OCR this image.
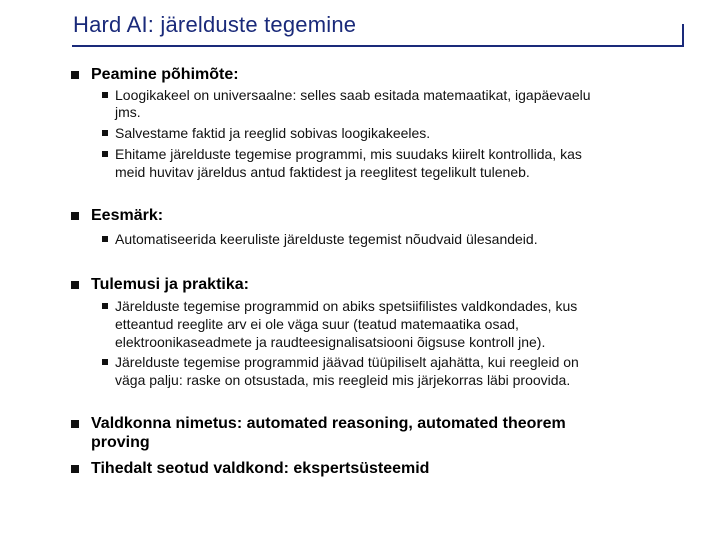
Hard AI: järelduste tegemine
Peamine põhimõte:
Loogikakeel on universaalne: selles saab esitada matemaatikat, igapäevaelu
jms.
Salvestame faktid ja reeglid sobivas loogikakeeles.
Ehitame järelduste tegemise programmi, mis suudaks kiirelt kontrollida, kas
meid huvitav järeldus antud faktidest ja reeglitest tegelikult tuleneb.
Eesmärk:
Automatiseerida keeruliste järelduste tegemist nõudvaid ülesandeid.
Tulemusi ja praktika:
Järelduste tegemise programmid on abiks spetsiifilistes valdkondades, kus
etteantud reeglite arv ei ole väga suur (teatud matemaatika osad,
elektroonikaseadmete ja raudteesignalisatsiooni õigsuse kontroll jne).
Järelduste tegemise programmid jäävad tüüpiliselt ajahätta, kui reegleid on
väga palju: raske on otsustada, mis reegleid mis järjekorras läbi proovida.
Valdkonna nimetus: automated reasoning, automated theorem
proving
Tihedalt seotud valdkond: ekspertsüsteemid
